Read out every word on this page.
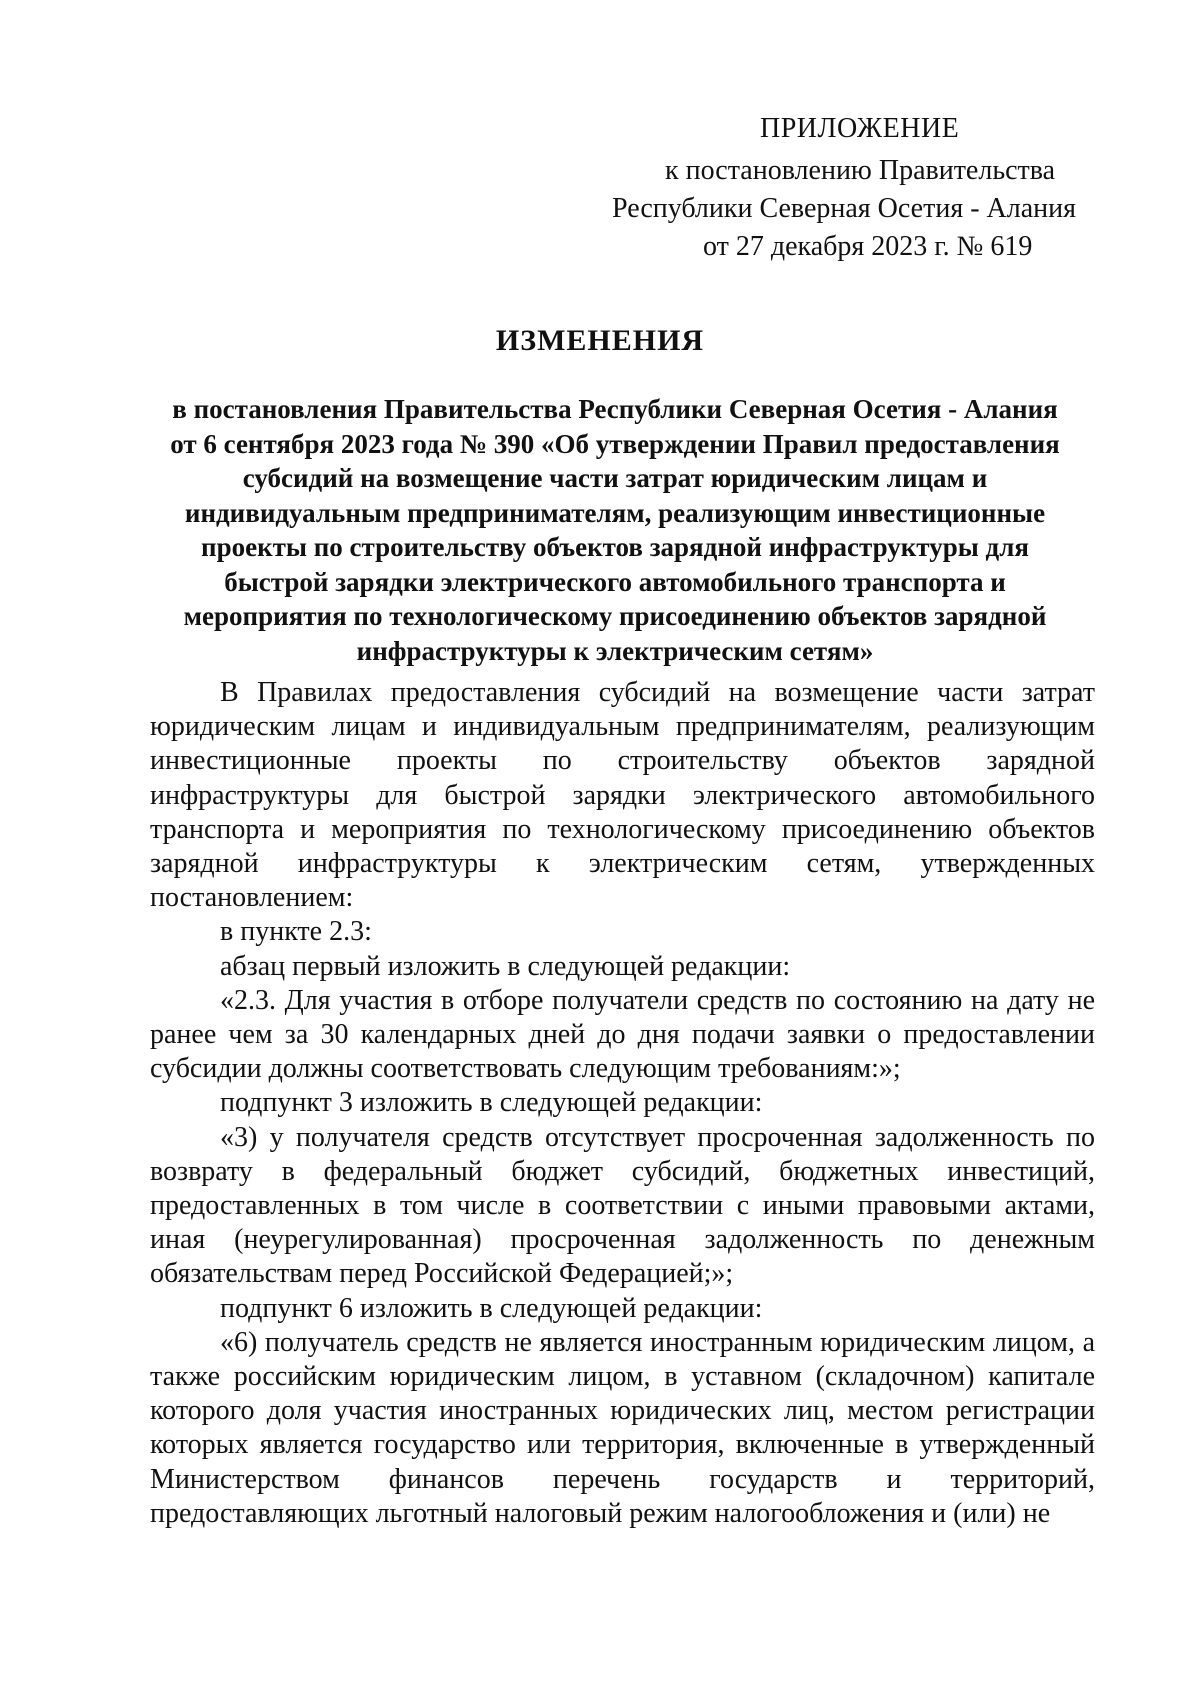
ПРИЛОЖЕНИЕ
к постановлению Правительства
Республики Северная Осетия - Алания
от 27 декабря 2023 г. № 619
ИЗМЕНЕНИЯ
в постановления Правительства Республики Северная Осетия - Алания
от 6 сентября 2023 года № 390 «Об утверждении Правил предоставления
субсидий на возмещение части затрат юридическим лицам и
индивидуальным предпринимателям, реализующим инвестиционные
проекты по строительству объектов зарядной инфраструктуры для
быстрой зарядки электрического автомобильного транспорта и
мероприятия по технологическому присоединению объектов зарядной
инфраструктуры к электрическим сетям»

В Правилах предоставления субсидий на возмещение части затрат юридическим лицам и индивидуальным предпринимателям, реализующим инвестиционные проекты по строительству объектов зарядной инфраструктуры для быстрой зарядки электрического автомобильного транспорта и мероприятия по технологическому присоединению объектов зарядной инфраструктуры к электрическим сетям, утвержденных постановлением:

в пункте 2.3:

абзац первый изложить в следующей редакции:

«2.3. Для участия в отборе получатели средств по состоянию на дату не ранее чем за 30 календарных дней до дня подачи заявки о предоставлении субсидии должны соответствовать следующим требованиям:»;

подпункт 3 изложить в следующей редакции:

«3) у получателя средств отсутствует просроченная задолженность по возврату в федеральный бюджет субсидий, бюджетных инвестиций, предоставленных в том числе в соответствии с иными правовыми актами, иная (неурегулированная) просроченная задолженность по денежным обязательствам перед Российской Федерацией;»;

подпункт 6 изложить в следующей редакции:

«6) получатель средств не является иностранным юридическим лицом, а также российским юридическим лицом, в уставном (складочном) капитале которого доля участия иностранных юридических лиц, местом регистрации которых является государство или территория, включенные в утвержденный Министерством финансов перечень государств и территорий, предоставляющих льготный налоговый режим налогообложения и (или) не
